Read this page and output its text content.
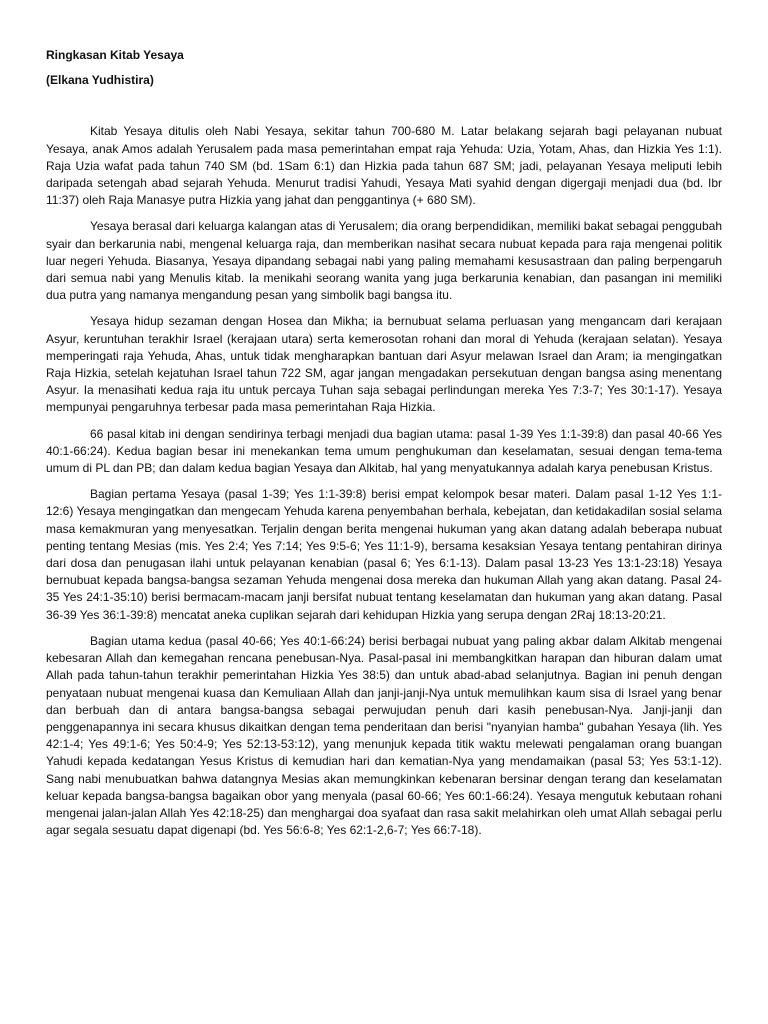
Ringkasan Kitab Yesaya
(Elkana Yudhistira)

Kitab Yesaya ditulis oleh Nabi Yesaya, sekitar tahun 700-680 M. Latar belakang sejarah bagi pelayanan nubuat Yesaya, anak Amos adalah Yerusalem pada masa pemerintahan empat raja Yehuda: Uzia, Yotam, Ahas, dan Hizkia Yes 1:1). Raja Uzia wafat pada tahun 740 SM (bd. 1Sam 6:1) dan Hizkia pada tahun 687 SM; jadi, pelayanan Yesaya meliputi lebih daripada setengah abad sejarah Yehuda. Menurut tradisi Yahudi, Yesaya Mati syahid dengan digergaji menjadi dua (bd. Ibr 11:37) oleh Raja Manasye putra Hizkia yang jahat dan penggantinya (+ 680 SM).

Yesaya berasal dari keluarga kalangan atas di Yerusalem; dia orang berpendidikan, memiliki bakat sebagai penggubah syair dan berkarunia nabi, mengenal keluarga raja, dan memberikan nasihat secara nubuat kepada para raja mengenai politik luar negeri Yehuda. Biasanya, Yesaya dipandang sebagai nabi yang paling memahami kesusastraan dan paling berpengaruh dari semua nabi yang Menulis kitab. Ia menikahi seorang wanita yang juga berkarunia kenabian, dan pasangan ini memiliki dua putra yang namanya mengandung pesan yang simbolik bagi bangsa itu.

Yesaya hidup sezaman dengan Hosea dan Mikha; ia bernubuat selama perluasan yang mengancam dari kerajaan Asyur, keruntuhan terakhir Israel (kerajaan utara) serta kemerosotan rohani dan moral di Yehuda (kerajaan selatan). Yesaya memperingati raja Yehuda, Ahas, untuk tidak mengharapkan bantuan dari Asyur melawan Israel dan Aram; ia mengingatkan Raja Hizkia, setelah kejatuhan Israel tahun 722 SM, agar jangan mengadakan persekutuan dengan bangsa asing menentang Asyur. Ia menasihati kedua raja itu untuk percaya Tuhan saja sebagai perlindungan mereka Yes 7:3-7; Yes 30:1-17). Yesaya mempunyai pengaruhnya terbesar pada masa pemerintahan Raja Hizkia.

66 pasal kitab ini dengan sendirinya terbagi menjadi dua bagian utama: pasal 1-39 Yes 1:1-39:8) dan pasal 40-66 Yes 40:1-66:24). Kedua bagian besar ini menekankan tema umum penghukuman dan keselamatan, sesuai dengan tema-tema umum di PL dan PB; dan dalam kedua bagian Yesaya dan Alkitab, hal yang menyatukannya adalah karya penebusan Kristus.

Bagian pertama Yesaya (pasal 1-39; Yes 1:1-39:8) berisi empat kelompok besar materi. Dalam pasal 1-12 Yes 1:1-12:6) Yesaya mengingatkan dan mengecam Yehuda karena penyembahan berhala, kebejatan, dan ketidakadilan sosial selama masa kemakmuran yang menyesatkan. Terjalin dengan berita mengenai hukuman yang akan datang adalah beberapa nubuat penting tentang Mesias (mis. Yes 2:4; Yes 7:14; Yes 9:5-6; Yes 11:1-9), bersama kesaksian Yesaya tentang pentahiran dirinya dari dosa dan penugasan ilahi untuk pelayanan kenabian (pasal 6; Yes 6:1-13). Dalam pasal 13-23 Yes 13:1-23:18) Yesaya bernubuat kepada bangsa-bangsa sezaman Yehuda mengenai dosa mereka dan hukuman Allah yang akan datang. Pasal 24-35 Yes 24:1-35:10) berisi bermacam-macam janji bersifat nubuat tentang keselamatan dan hukuman yang akan datang. Pasal 36-39 Yes 36:1-39:8) mencatat aneka cuplikan sejarah dari kehidupan Hizkia yang serupa dengan 2Raj 18:13-20:21.

Bagian utama kedua (pasal 40-66; Yes 40:1-66:24) berisi berbagai nubuat yang paling akbar dalam Alkitab mengenai kebesaran Allah dan kemegahan rencana penebusan-Nya. Pasal-pasal ini membangkitkan harapan dan hiburan dalam umat Allah pada tahun-tahun terakhir pemerintahan Hizkia Yes 38:5) dan untuk abad-abad selanjutnya. Bagian ini penuh dengan penyataan nubuat mengenai kuasa dan Kemuliaan Allah dan janji-janji-Nya untuk memulihkan kaum sisa di Israel yang benar dan berbuah dan di antara bangsa-bangsa sebagai perwujudan penuh dari kasih penebusan-Nya. Janji-janji dan penggenapannya ini secara khusus dikaitkan dengan tema penderitaan dan berisi "nyanyian hamba" gubahan Yesaya (lih. Yes 42:1-4; Yes 49:1-6; Yes 50:4-9; Yes 52:13-53:12), yang menunjuk kepada titik waktu melewati pengalaman orang buangan Yahudi kepada kedatangan Yesus Kristus di kemudian hari dan kematian-Nya yang mendamaikan (pasal 53; Yes 53:1-12). Sang nabi menubuatkan bahwa datangnya Mesias akan memungkinkan kebenaran bersinar dengan terang dan keselamatan keluar kepada bangsa-bangsa bagaikan obor yang menyala (pasal 60-66; Yes 60:1-66:24). Yesaya mengutuk kebutaan rohani mengenai jalan-jalan Allah Yes 42:18-25) dan menghargai doa syafaat dan rasa sakit melahirkan oleh umat Allah sebagai perlu agar segala sesuatu dapat digenapi (bd. Yes 56:6-8; Yes 62:1-2,6-7; Yes 66:7-18).
